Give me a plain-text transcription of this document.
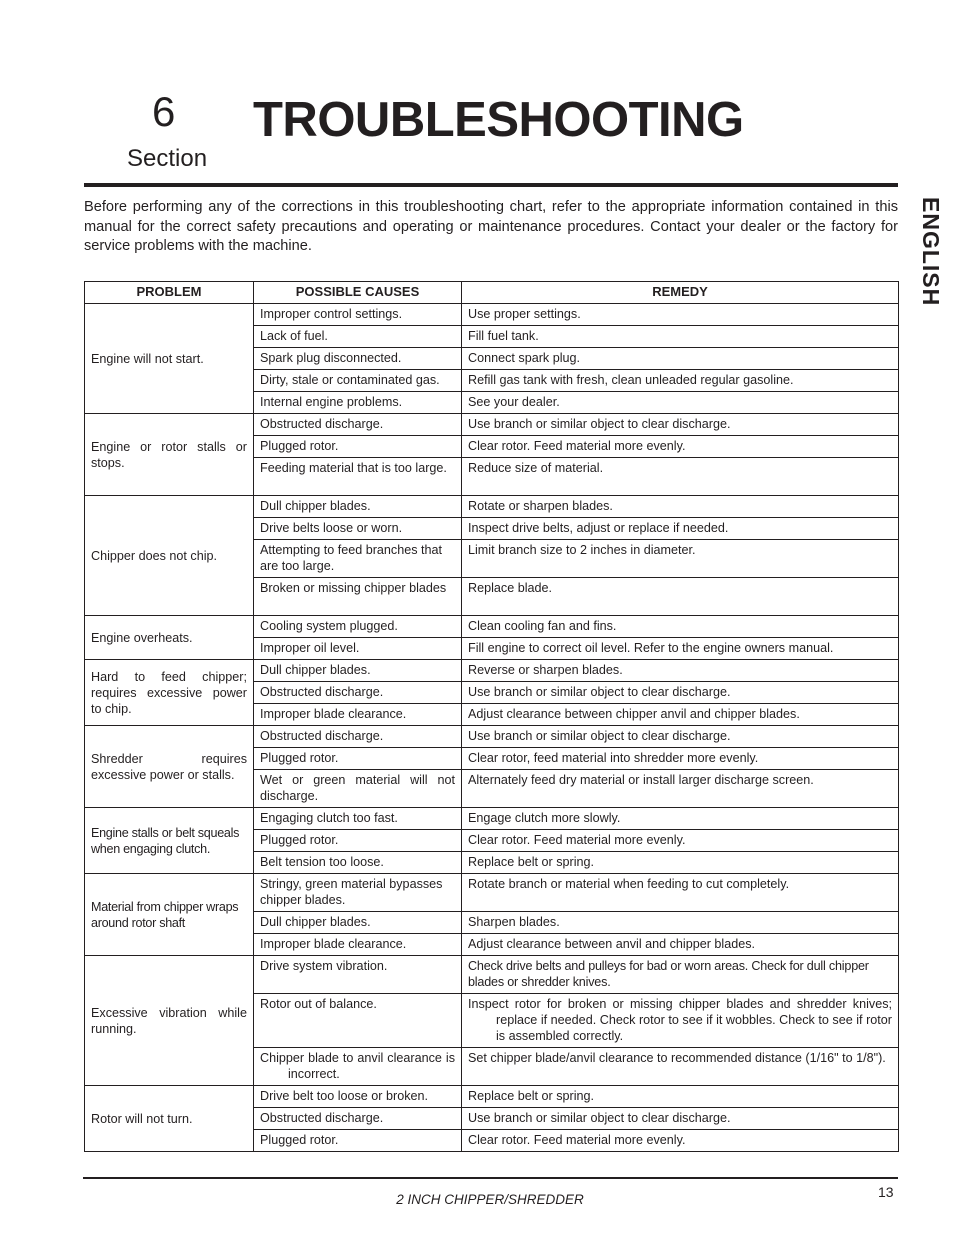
6
Section
TROUBLESHOOTING
ENGLISH

Before performing any of the corrections in this troubleshooting chart, refer to the appropriate information contained in this manual for the correct safety precautions and operating or maintenance procedures. Contact your dealer or the factory for service problems with the machine.

PROBLEM	POSSIBLE CAUSES	REMEDY
Engine will not start.	Improper control settings.	Use proper settings.
	Lack of fuel.	Fill fuel tank.
	Spark plug disconnected.	Connect spark plug.
	Dirty, stale or contaminated gas.	Refill gas tank with fresh, clean unleaded regular gasoline.
	Internal engine problems.	See your dealer.
Engine or rotor stalls or stops.	Obstructed discharge.	Use branch or similar object to clear discharge.
	Plugged rotor.	Clear rotor. Feed material more evenly.
	Feeding material that is too large.	Reduce size of material.
Chipper does not chip.	Dull chipper blades.	Rotate or sharpen blades.
	Drive belts loose or worn.	Inspect drive belts, adjust or replace if needed.
	Attempting to feed branches that are too large.	Limit branch size to 2 inches in diameter.
	Broken or missing chipper blades	Replace blade.
Engine overheats.	Cooling system plugged.	Clean cooling fan and fins.
	Improper oil level.	Fill engine to correct oil level. Refer to the engine owners manual.
Hard to feed chipper; requires excessive power to chip.	Dull chipper blades.	Reverse or sharpen blades.
	Obstructed discharge.	Use branch or similar object to clear discharge.
	Improper blade clearance.	Adjust clearance between chipper anvil and chipper blades.
Shredder requires excessive power or stalls.	Obstructed discharge.	Use branch or similar object to clear discharge.
	Plugged rotor.	Clear rotor, feed material into shredder more evenly.
	Wet or green material will not discharge.	Alternately feed dry material or install larger discharge screen.
Engine stalls or belt squeals when engaging clutch.	Engaging clutch too fast.	Engage clutch more slowly.
	Plugged rotor.	Clear rotor. Feed material more evenly.
	Belt tension too loose.	Replace belt or spring.
Material from chipper wraps around rotor shaft	Stringy, green material bypasses chipper blades.	Rotate branch or material when feeding to cut completely.
	Dull chipper blades.	Sharpen blades.
	Improper blade clearance.	Adjust clearance between anvil and chipper blades.
Excessive vibration while running.	Drive system vibration.	Check drive belts and pulleys for bad or worn areas. Check for dull chipper blades or shredder knives.
	Rotor out of balance.	Inspect rotor for broken or missing chipper blades and shredder knives; replace if needed. Check rotor to see if it wobbles. Check to see if rotor is assembled correctly.
	Chipper blade to anvil clearance is incorrect.	Set chipper blade/anvil clearance to recommended distance (1/16" to 1/8").
Rotor will not turn.	Drive belt too loose or broken.	Replace belt or spring.
	Obstructed discharge.	Use branch or similar object to clear discharge.
	Plugged rotor.	Clear rotor. Feed material more evenly.
2 INCH CHIPPER/SHREDDER	13
